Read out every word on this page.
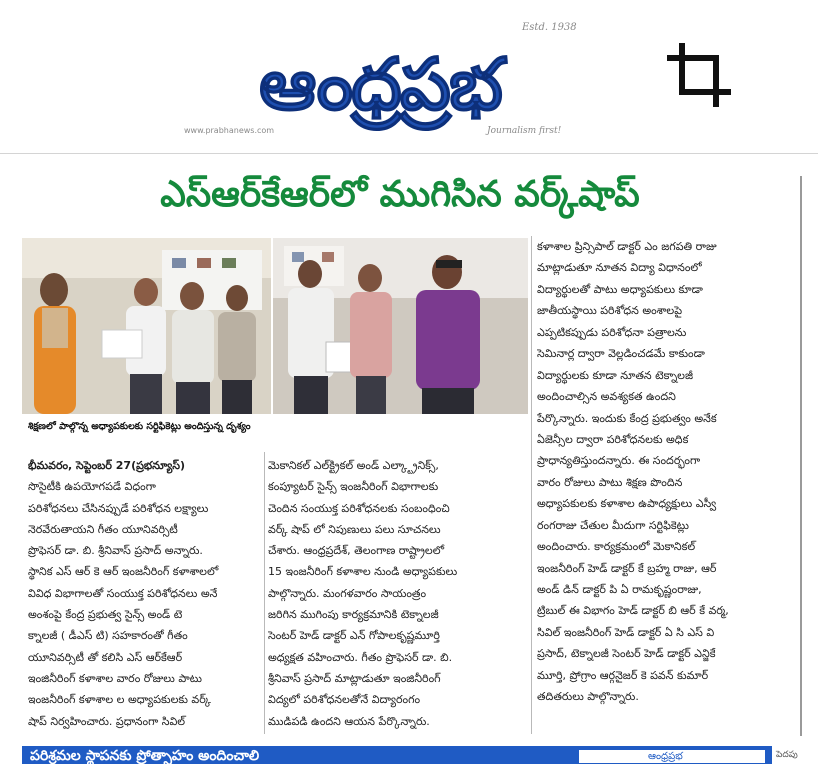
Estd. 1938
ఆంధ్రప్రభ
www.prabhanews.com	Journalism first!
ఎస్ఆర్‌కేఆర్‌లో ముగిసిన వర్క్‌షాప్
శిక్షణలో పాల్గొన్న అధ్యాపకులకు సర్టిఫికెట్లు అందిస్తున్న దృశ్యం
భీమవరం, సెప్టెంబర్ 27(ప్రభన్యూస్)
సొసైటీకి ఉపయోగపడే విధంగా
పరిశోధనలు చేసినప్పుడే పరిశోధన లక్ష్యాలు
నెరవేరుతాయని గీతం యూనివర్సిటీ
ప్రొఫెసర్ డా. బి. శ్రీనివాస్ ప్రసాద్ అన్నారు.
స్థానిక ఎస్ ఆర్ కె ఆర్ ఇంజనీరింగ్ కళాశాలలో
వివిధ విభాగాలతో సంయుక్త పరిశోధనలు అనే
అంశంపై కేంద్ర ప్రభుత్వ సైన్స్ అండ్ టె
క్నాలజీ ( డీఎస్ టి) సహకారంతో గీతం
యూనివర్సిటీ తో కలిసి ఎస్ ఆర్‌కేఆర్
ఇంజినీరింగ్ కళాశాల వారం రోజులు పాటు
ఇంజనీరింగ్ కళాశాల ల అధ్యాపకులకు వర్క్
షాప్ నిర్వహించారు. ప్రధానంగా సివిల్
మెకానికల్ ఎల్‌క్ట్రికల్ అండ్ ఎల్క్ట్రానిక్స్,
కంప్యూటర్ సైన్స్ ఇంజనీరింగ్ విభాగాలకు
చెందిన సంయుక్త పరిశోధనలకు సంబంధించి
వర్క్ షాప్ లో నిపుణులు పలు సూచనలు
చేశారు. ఆంధ్రప్రదేశ్, తెలంగాణ రాష్ట్రాలలో
15 ఇంజనీరింగ్ కళాశాల నుండి అధ్యాపకులు
పాల్గొన్నారు. మంగళవారం సాయంత్రం
జరిగిన ముగింపు కార్యక్రమానికి టెక్నాలజీ
సెంటర్ హెడ్ డాక్టర్ ఎన్ గోపాలకృష్ణమూర్తి
అధ్యక్షత వహించారు. గీతం ప్రొఫెసర్ డా. బి.
శ్రీనివాస్ ప్రసాద్ మాట్లాడుతూ ఇంజినీరింగ్
విద్యలో పరిశోధనలతోనే విద్యారంగం
ముడిపడి ఉందని ఆయన పేర్కొన్నారు.
కళాశాల ప్రిన్సిపాల్ డాక్టర్ ఎం జగపతి రాజు
మాట్లాడుతూ నూతన విద్యా విధానంలో
విద్యార్థులతో పాటు అధ్యాపకులు కూడా
జాతీయస్థాయి పరిశోధన అంశాలపై
ఎప్పటికప్పుడు పరిశోధనా పత్రాలను
సెమినార్ల ద్వారా వెల్లడించడమే కాకుండా
విద్యార్థులకు కూడా నూతన టెక్నాలజీ
అందించాల్సిన అవశ్యకత ఉందని
పేర్కొన్నారు. ఇందుకు కేంద్ర ప్రభుత్వం అనేక
ఏజెన్సీల ద్వారా పరిశోధనలకు అధిక
ప్రాధాన్యతిస్తుందన్నారు. ఈ సందర్భంగా
వారం రోజులు పాటు శిక్షణ పొందిన
అధ్యాపకులకు కళాశాల ఉపాధ్యక్షులు ఎస్వీ
రంగరాజు చేతుల మీదుగా సర్టిఫికెట్లు
అందించారు. కార్యక్రమంలో మెకానికల్
ఇంజనీరింగ్ హెడ్ డాక్టర్ కే బ్రహ్మ రాజు, ఆర్
అండ్ డిన్ డాక్టర్ పి ఏ రామకృష్ణంరాజు,
ట్రిబుల్ ఈ విభాగం హెడ్ డాక్టర్ బి ఆర్ కే వర్మ,
సివిల్ ఇంజనీరింగ్ హెడ్ డాక్టర్ ఏ సి ఎస్ వి
ప్రసాద్, టెక్నాలజీ సెంటర్ హెడ్ డాక్టర్ ఎన్జికే
మూర్తి, ప్రోగ్రాం ఆర్గనైజర్ కె పవన్ కుమార్
తదితరులు పాల్గొన్నారు.
పరిశ్రమల స్థాపనకు ప్రోత్సాహం అందించాలి	ఆంధ్రప్రభ	పెదపు
